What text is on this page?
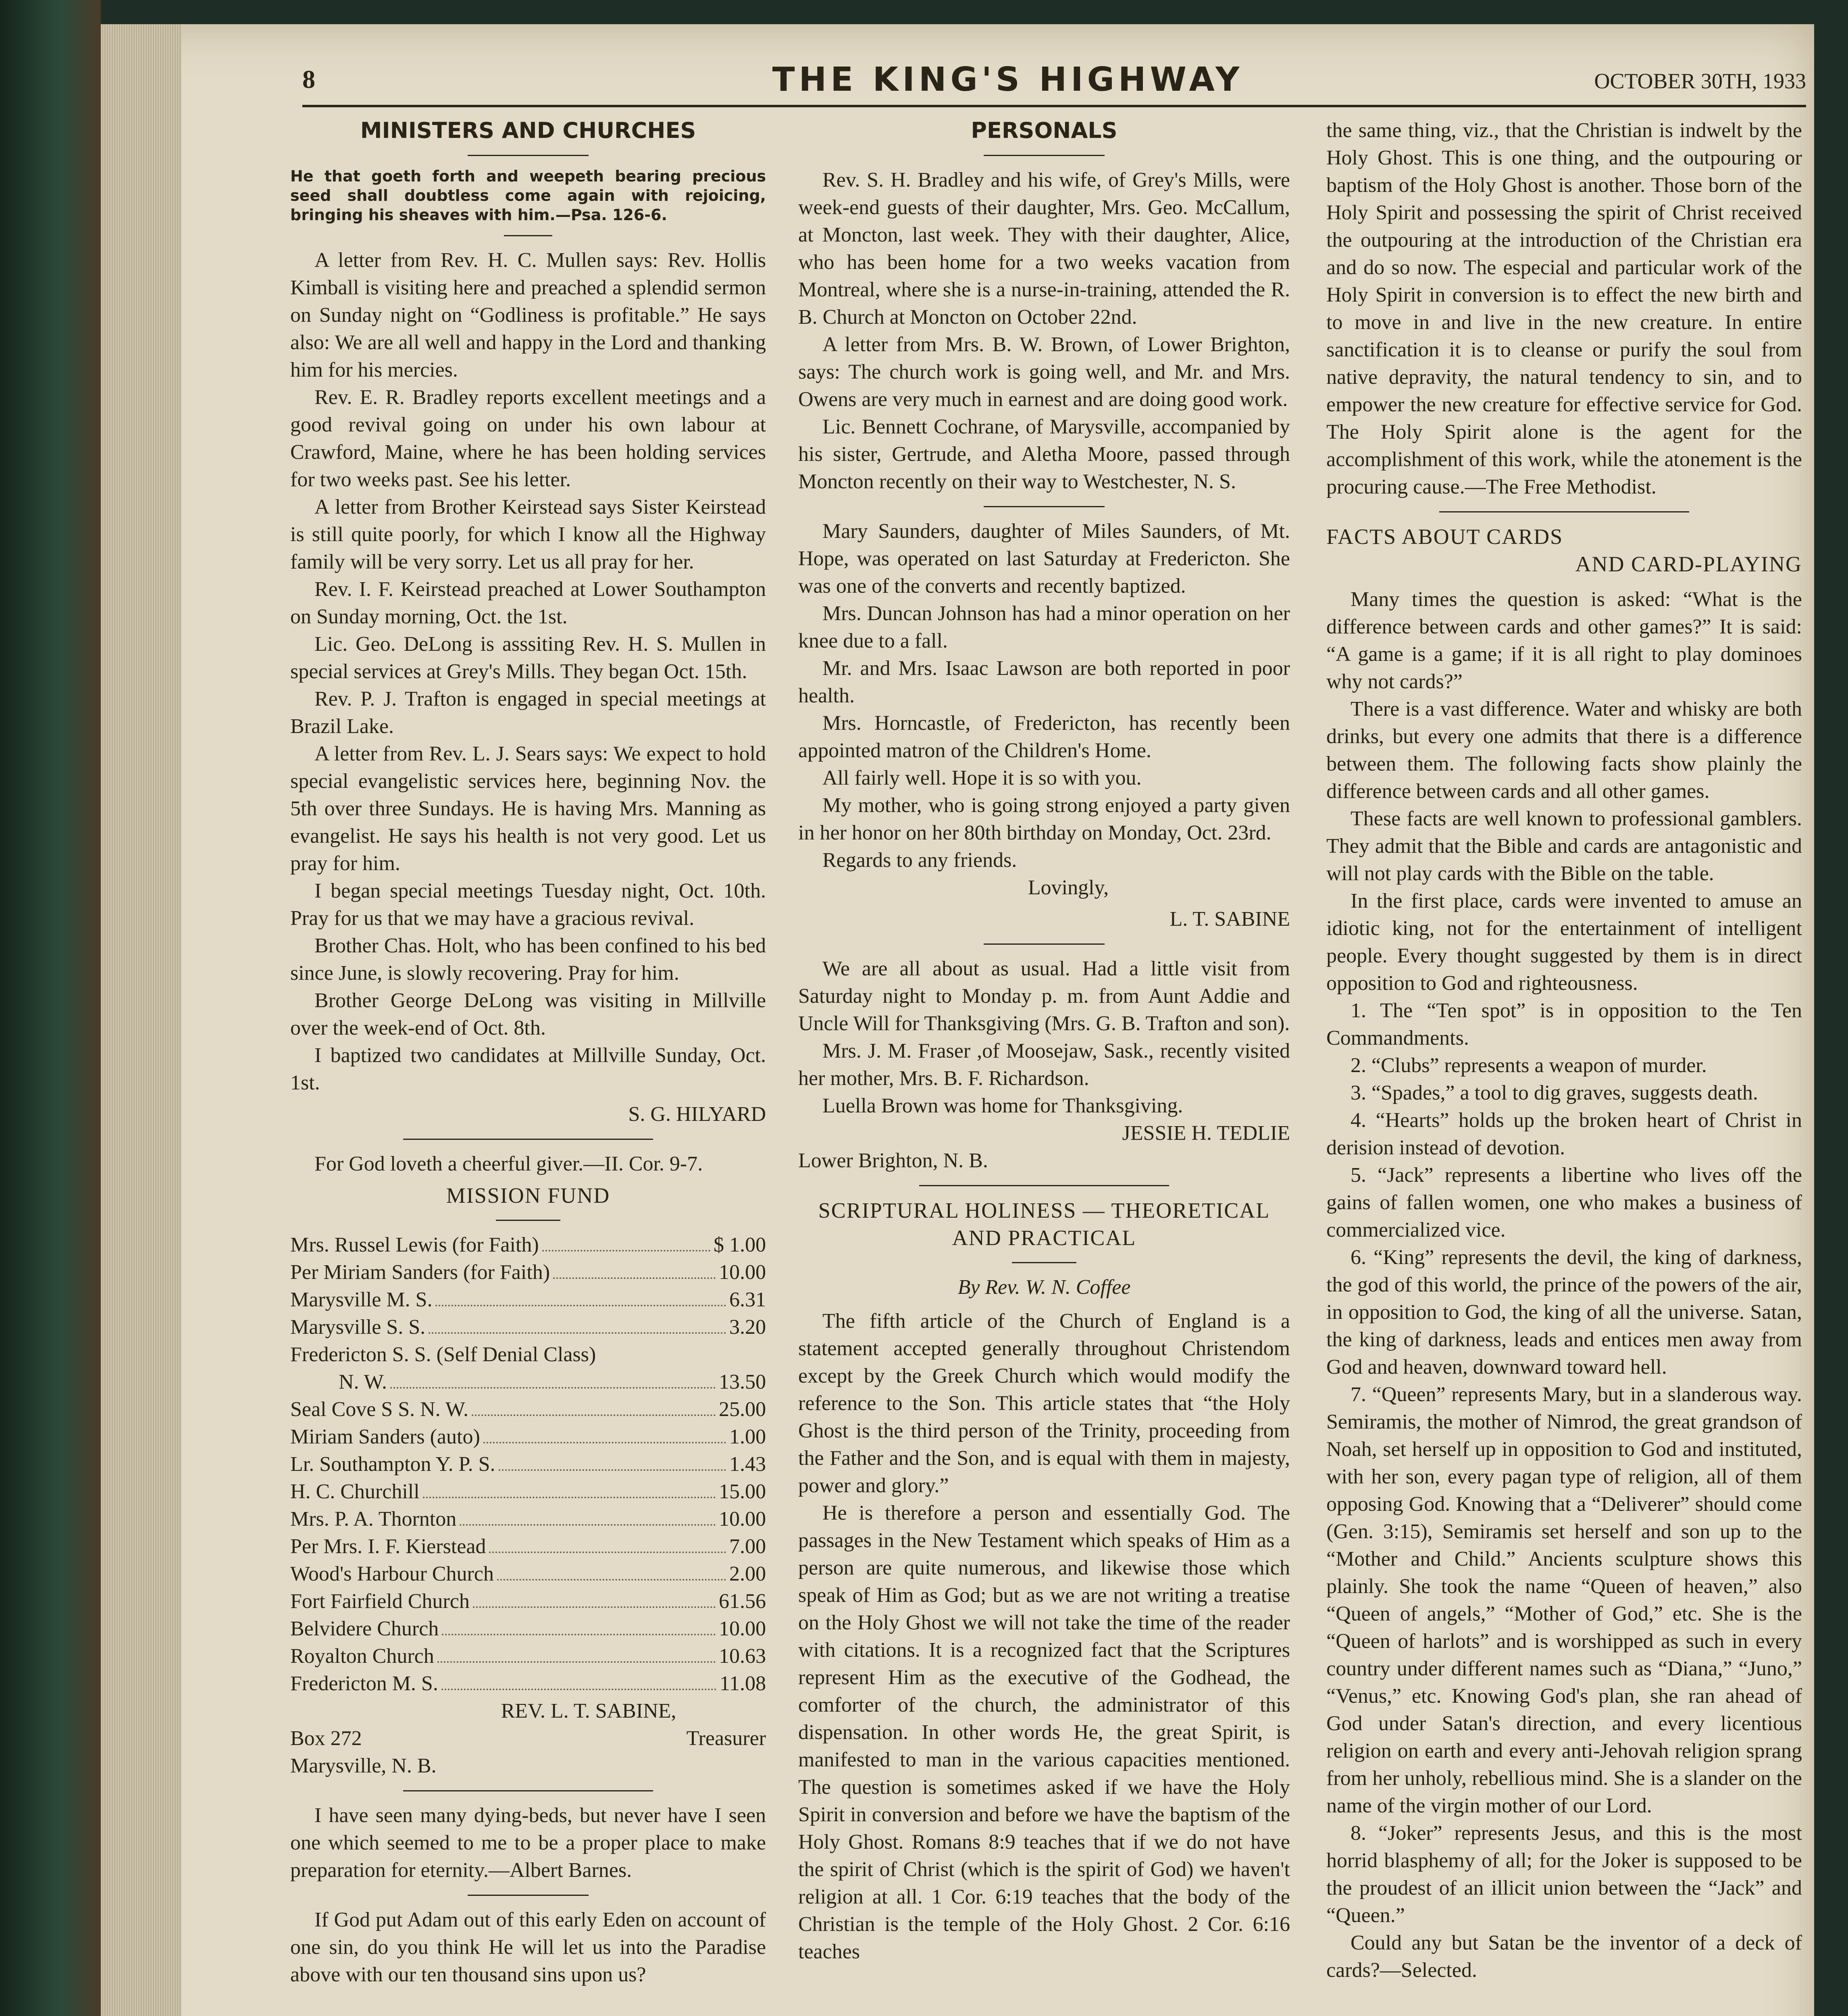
8	THE KING'S HIGHWAY	OCTOBER 30TH, 1933
MINISTERS AND CHURCHES
He that goeth forth and weepeth bearing precious seed shall doubtless come again with rejoicing, bringing his sheaves with him.—Psa. 126-6.

A letter from Rev. H. C. Mullen says: Rev. Hollis Kimball is visiting here and preached a splendid sermon on Sunday night on “Godliness is profitable.” He says also: We are all well and happy in the Lord and thanking him for his mercies.

Rev. E. R. Bradley reports excellent meetings and a good revival going on under his own labour at Crawford, Maine, where he has been holding services for two weeks past. See his letter.

A letter from Brother Keirstead says Sister Keirstead is still quite poorly, for which I know all the Highway family will be very sorry. Let us all pray for her.

Rev. I. F. Keirstead preached at Lower Southampton on Sunday morning, Oct. the 1st.

Lic. Geo. DeLong is asssiting Rev. H. S. Mullen in special services at Grey's Mills. They began Oct. 15th.

Rev. P. J. Trafton is engaged in special meetings at Brazil Lake.

A letter from Rev. L. J. Sears says: We expect to hold special evangelistic services here, beginning Nov. the 5th over three Sundays. He is having Mrs. Manning as evangelist. He says his health is not very good. Let us pray for him.

I began special meetings Tuesday night, Oct. 10th. Pray for us that we may have a gracious revival.

Brother Chas. Holt, who has been confined to his bed since June, is slowly recovering. Pray for him.

Brother George DeLong was visiting in Millville over the week-end of Oct. 8th.

I baptized two candidates at Millville Sunday, Oct. 1st.

S. G. HILYARD

For God loveth a cheerful giver.—II. Cor. 9-7.

MISSION FUND
Mrs. Russel Lewis (for Faith)	$ 1.00
Per Miriam Sanders (for Faith)	10.00
Marysville M. S.	6.31
Marysville S. S.	3.20
Fredericton S. S. (Self Denial Class)
N. W.	13.50
Seal Cove S S. N. W.	25.00
Miriam Sanders (auto)	1.00
Lr. Southampton Y. P. S.	1.43
H. C. Churchill	15.00
Mrs. P. A. Thornton	10.00
Per Mrs. I. F. Kierstead	7.00
Wood's Harbour Church	2.00
Fort Fairfield Church	61.56
Belvidere Church	10.00
Royalton Church	10.63
Fredericton M. S.	11.08
REV. L. T. SABINE,
Box 272	Treasurer
Marysville, N. B.

I have seen many dying-beds, but never have I seen one which seemed to me to be a proper place to make preparation for eternity.—Albert Barnes.

If God put Adam out of this early Eden on account of one sin, do you think He will let us into the Paradise above with our ten thousand sins upon us?

PERSONALS

Rev. S. H. Bradley and his wife, of Grey's Mills, were week-end guests of their daughter, Mrs. Geo. McCallum, at Moncton, last week. They with their daughter, Alice, who has been home for a two weeks vacation from Montreal, where she is a nurse-in-training, attended the R. B. Church at Moncton on October 22nd.

A letter from Mrs. B. W. Brown, of Lower Brighton, says: The church work is going well, and Mr. and Mrs. Owens are very much in earnest and are doing good work.

Lic. Bennett Cochrane, of Marysville, accompanied by his sister, Gertrude, and Aletha Moore, passed through Moncton recently on their way to Westchester, N. S.

Mary Saunders, daughter of Miles Saunders, of Mt. Hope, was operated on last Saturday at Fredericton. She was one of the converts and recently baptized.

Mrs. Duncan Johnson has had a minor operation on her knee due to a fall.

Mr. and Mrs. Isaac Lawson are both reported in poor health.

Mrs. Horncastle, of Fredericton, has recently been appointed matron of the Children's Home.

All fairly well. Hope it is so with you.

My mother, who is going strong enjoyed a party given in her honor on her 80th birthday on Monday, Oct. 23rd.

Regards to any friends.

Lovingly,
L. T. SABINE

We are all about as usual. Had a little visit from Saturday night to Monday p. m. from Aunt Addie and Uncle Will for Thanksgiving (Mrs. G. B. Trafton and son).

Mrs. J. M. Fraser ,of Moosejaw, Sask., recently visited her mother, Mrs. B. F. Richardson.

Luella Brown was home for Thanksgiving.

JESSIE H. TEDLIE
Lower Brighton, N. B.
SCRIPTURAL HOLINESS — THEORETICAL AND PRACTICAL
By Rev. W. N. Coffee

The fifth article of the Church of England is a statement accepted generally throughout Christendom except by the Greek Church which would modify the reference to the Son. This article states that “the Holy Ghost is the third person of the Trinity, proceeding from the Father and the Son, and is equal with them in majesty, power and glory.”

He is therefore a person and essentially God. The passages in the New Testament which speaks of Him as a person are quite numerous, and likewise those which speak of Him as God; but as we are not writing a treatise on the Holy Ghost we will not take the time of the reader with citations. It is a recognized fact that the Scriptures represent Him as the executive of the Godhead, the comforter of the church, the administrator of this dispensation. In other words He, the great Spirit, is manifested to man in the various capacities mentioned. The question is sometimes asked if we have the Holy Spirit in conversion and before we have the baptism of the Holy Ghost. Romans 8:9 teaches that if we do not have the spirit of Christ (which is the spirit of God) we haven't religion at all. 1 Cor. 6:19 teaches that the body of the Christian is the temple of the Holy Ghost. 2 Cor. 6:16 teaches

the same thing, viz., that the Christian is indwelt by the Holy Ghost. This is one thing, and the outpouring or baptism of the Holy Ghost is another. Those born of the Holy Spirit and possessing the spirit of Christ received the outpouring at the introduction of the Christian era and do so now. The especial and particular work of the Holy Spirit in conversion is to effect the new birth and to move in and live in the new creature. In entire sanctification it is to cleanse or purify the soul from native depravity, the natural tendency to sin, and to empower the new creature for effective service for God. The Holy Spirit alone is the agent for the accomplishment of this work, while the atonement is the procuring cause.—The Free Methodist.

FACTS ABOUT CARDS
AND CARD-PLAYING

Many times the question is asked: “What is the difference between cards and other games?” It is said: “A game is a game; if it is all right to play dominoes why not cards?”

There is a vast difference. Water and whisky are both drinks, but every one admits that there is a difference between them. The following facts show plainly the difference between cards and all other games.

These facts are well known to professional gamblers. They admit that the Bible and cards are antagonistic and will not play cards with the Bible on the table.

In the first place, cards were invented to amuse an idiotic king, not for the entertainment of intelligent people. Every thought suggested by them is in direct opposition to God and righteousness.

1. The “Ten spot” is in opposition to the Ten Commandments.

2. “Clubs” represents a weapon of murder.

3. “Spades,” a tool to dig graves, suggests death.

4. “Hearts” holds up the broken heart of Christ in derision instead of devotion.

5. “Jack” represents a libertine who lives off the gains of fallen women, one who makes a business of commercialized vice.

6. “King” represents the devil, the king of darkness, the god of this world, the prince of the powers of the air, in opposition to God, the king of all the universe. Satan, the king of darkness, leads and entices men away from God and heaven, downward toward hell.

7. “Queen” represents Mary, but in a slanderous way. Semiramis, the mother of Nimrod, the great grandson of Noah, set herself up in opposition to God and instituted, with her son, every pagan type of religion, all of them opposing God. Knowing that a “Deliverer” should come (Gen. 3:15), Semiramis set herself and son up to the “Mother and Child.” Ancients sculpture shows this plainly. She took the name “Queen of heaven,” also “Queen of angels,” “Mother of God,” etc. She is the “Queen of harlots” and is worshipped as such in every country under different names such as “Diana,” “Juno,” “Venus,” etc. Knowing God's plan, she ran ahead of God under Satan's direction, and every licentious religion on earth and every anti-Jehovah religion sprang from her unholy, rebellious mind. She is a slander on the name of the virgin mother of our Lord.

8. “Joker” represents Jesus, and this is the most horrid blasphemy of all; for the Joker is supposed to be the proudest of an illicit union between the “Jack” and “Queen.”

Could any but Satan be the inventor of a deck of cards?—Selected.
